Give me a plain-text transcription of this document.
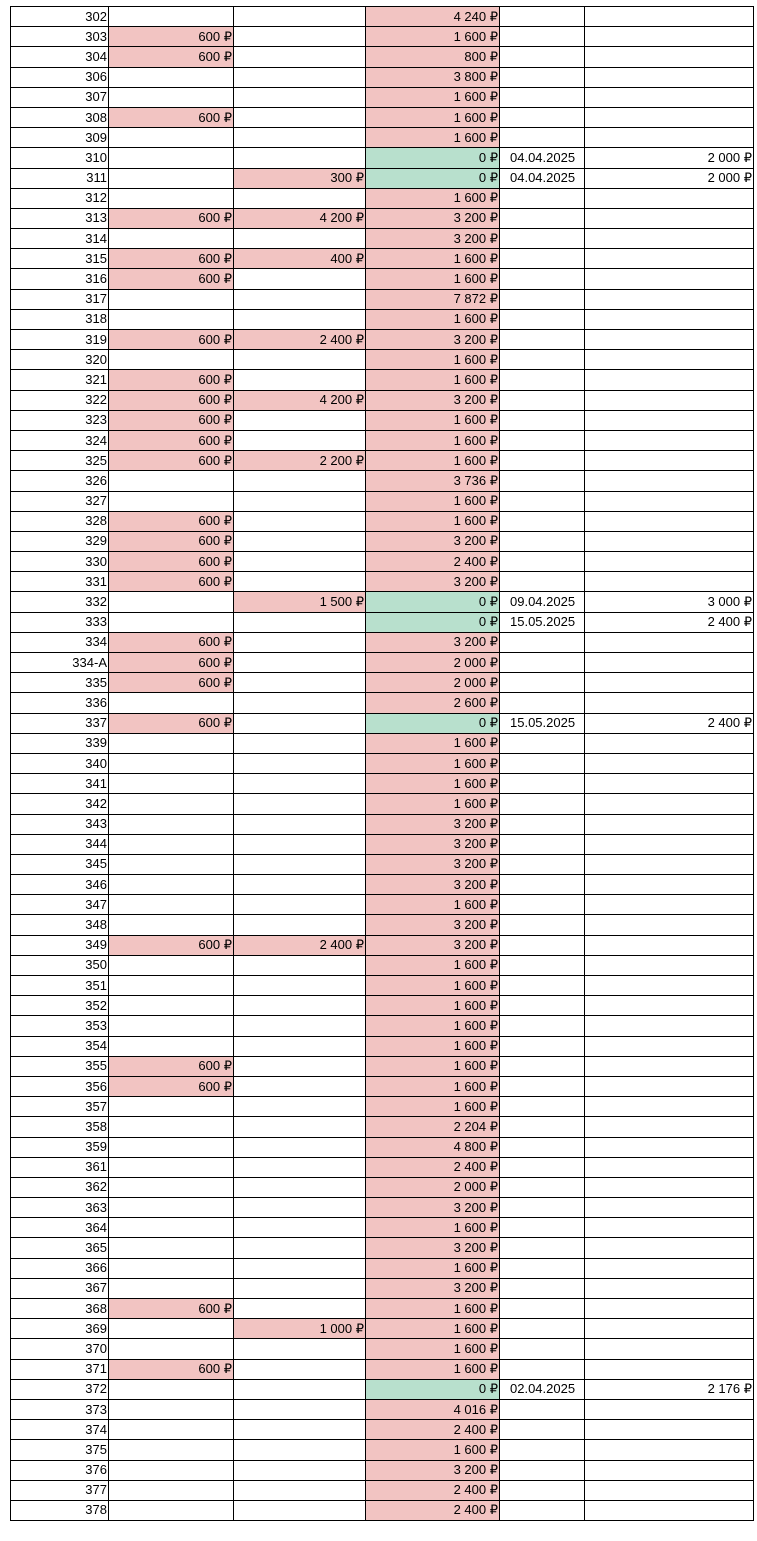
302			4 240 ₽		
303	600 ₽		1 600 ₽		
304	600 ₽		800 ₽		
306			3 800 ₽		
307			1 600 ₽		
308	600 ₽		1 600 ₽		
309			1 600 ₽		
310			0 ₽	04.04.2025	2 000 ₽
311		300 ₽	0 ₽	04.04.2025	2 000 ₽
312			1 600 ₽		
313	600 ₽	4 200 ₽	3 200 ₽		
314			3 200 ₽		
315	600 ₽	400 ₽	1 600 ₽		
316	600 ₽		1 600 ₽		
317			7 872 ₽		
318			1 600 ₽		
319	600 ₽	2 400 ₽	3 200 ₽		
320			1 600 ₽		
321	600 ₽		1 600 ₽		
322	600 ₽	4 200 ₽	3 200 ₽		
323	600 ₽		1 600 ₽		
324	600 ₽		1 600 ₽		
325	600 ₽	2 200 ₽	1 600 ₽		
326			3 736 ₽		
327			1 600 ₽		
328	600 ₽		1 600 ₽		
329	600 ₽		3 200 ₽		
330	600 ₽		2 400 ₽		
331	600 ₽		3 200 ₽		
332		1 500 ₽	0 ₽	09.04.2025	3 000 ₽
333			0 ₽	15.05.2025	2 400 ₽
334	600 ₽		3 200 ₽		
334-А	600 ₽		2 000 ₽		
335	600 ₽		2 000 ₽		
336			2 600 ₽		
337	600 ₽		0 ₽	15.05.2025	2 400 ₽
339			1 600 ₽		
340			1 600 ₽		
341			1 600 ₽		
342			1 600 ₽		
343			3 200 ₽		
344			3 200 ₽		
345			3 200 ₽		
346			3 200 ₽		
347			1 600 ₽		
348			3 200 ₽		
349	600 ₽	2 400 ₽	3 200 ₽		
350			1 600 ₽		
351			1 600 ₽		
352			1 600 ₽		
353			1 600 ₽		
354			1 600 ₽		
355	600 ₽		1 600 ₽		
356	600 ₽		1 600 ₽		
357			1 600 ₽		
358			2 204 ₽		
359			4 800 ₽		
361			2 400 ₽		
362			2 000 ₽		
363			3 200 ₽		
364			1 600 ₽		
365			3 200 ₽		
366			1 600 ₽		
367			3 200 ₽		
368	600 ₽		1 600 ₽		
369		1 000 ₽	1 600 ₽		
370			1 600 ₽		
371	600 ₽		1 600 ₽		
372			0 ₽	02.04.2025	2 176 ₽
373			4 016 ₽		
374			2 400 ₽		
375			1 600 ₽		
376			3 200 ₽		
377			2 400 ₽		
378			2 400 ₽		
